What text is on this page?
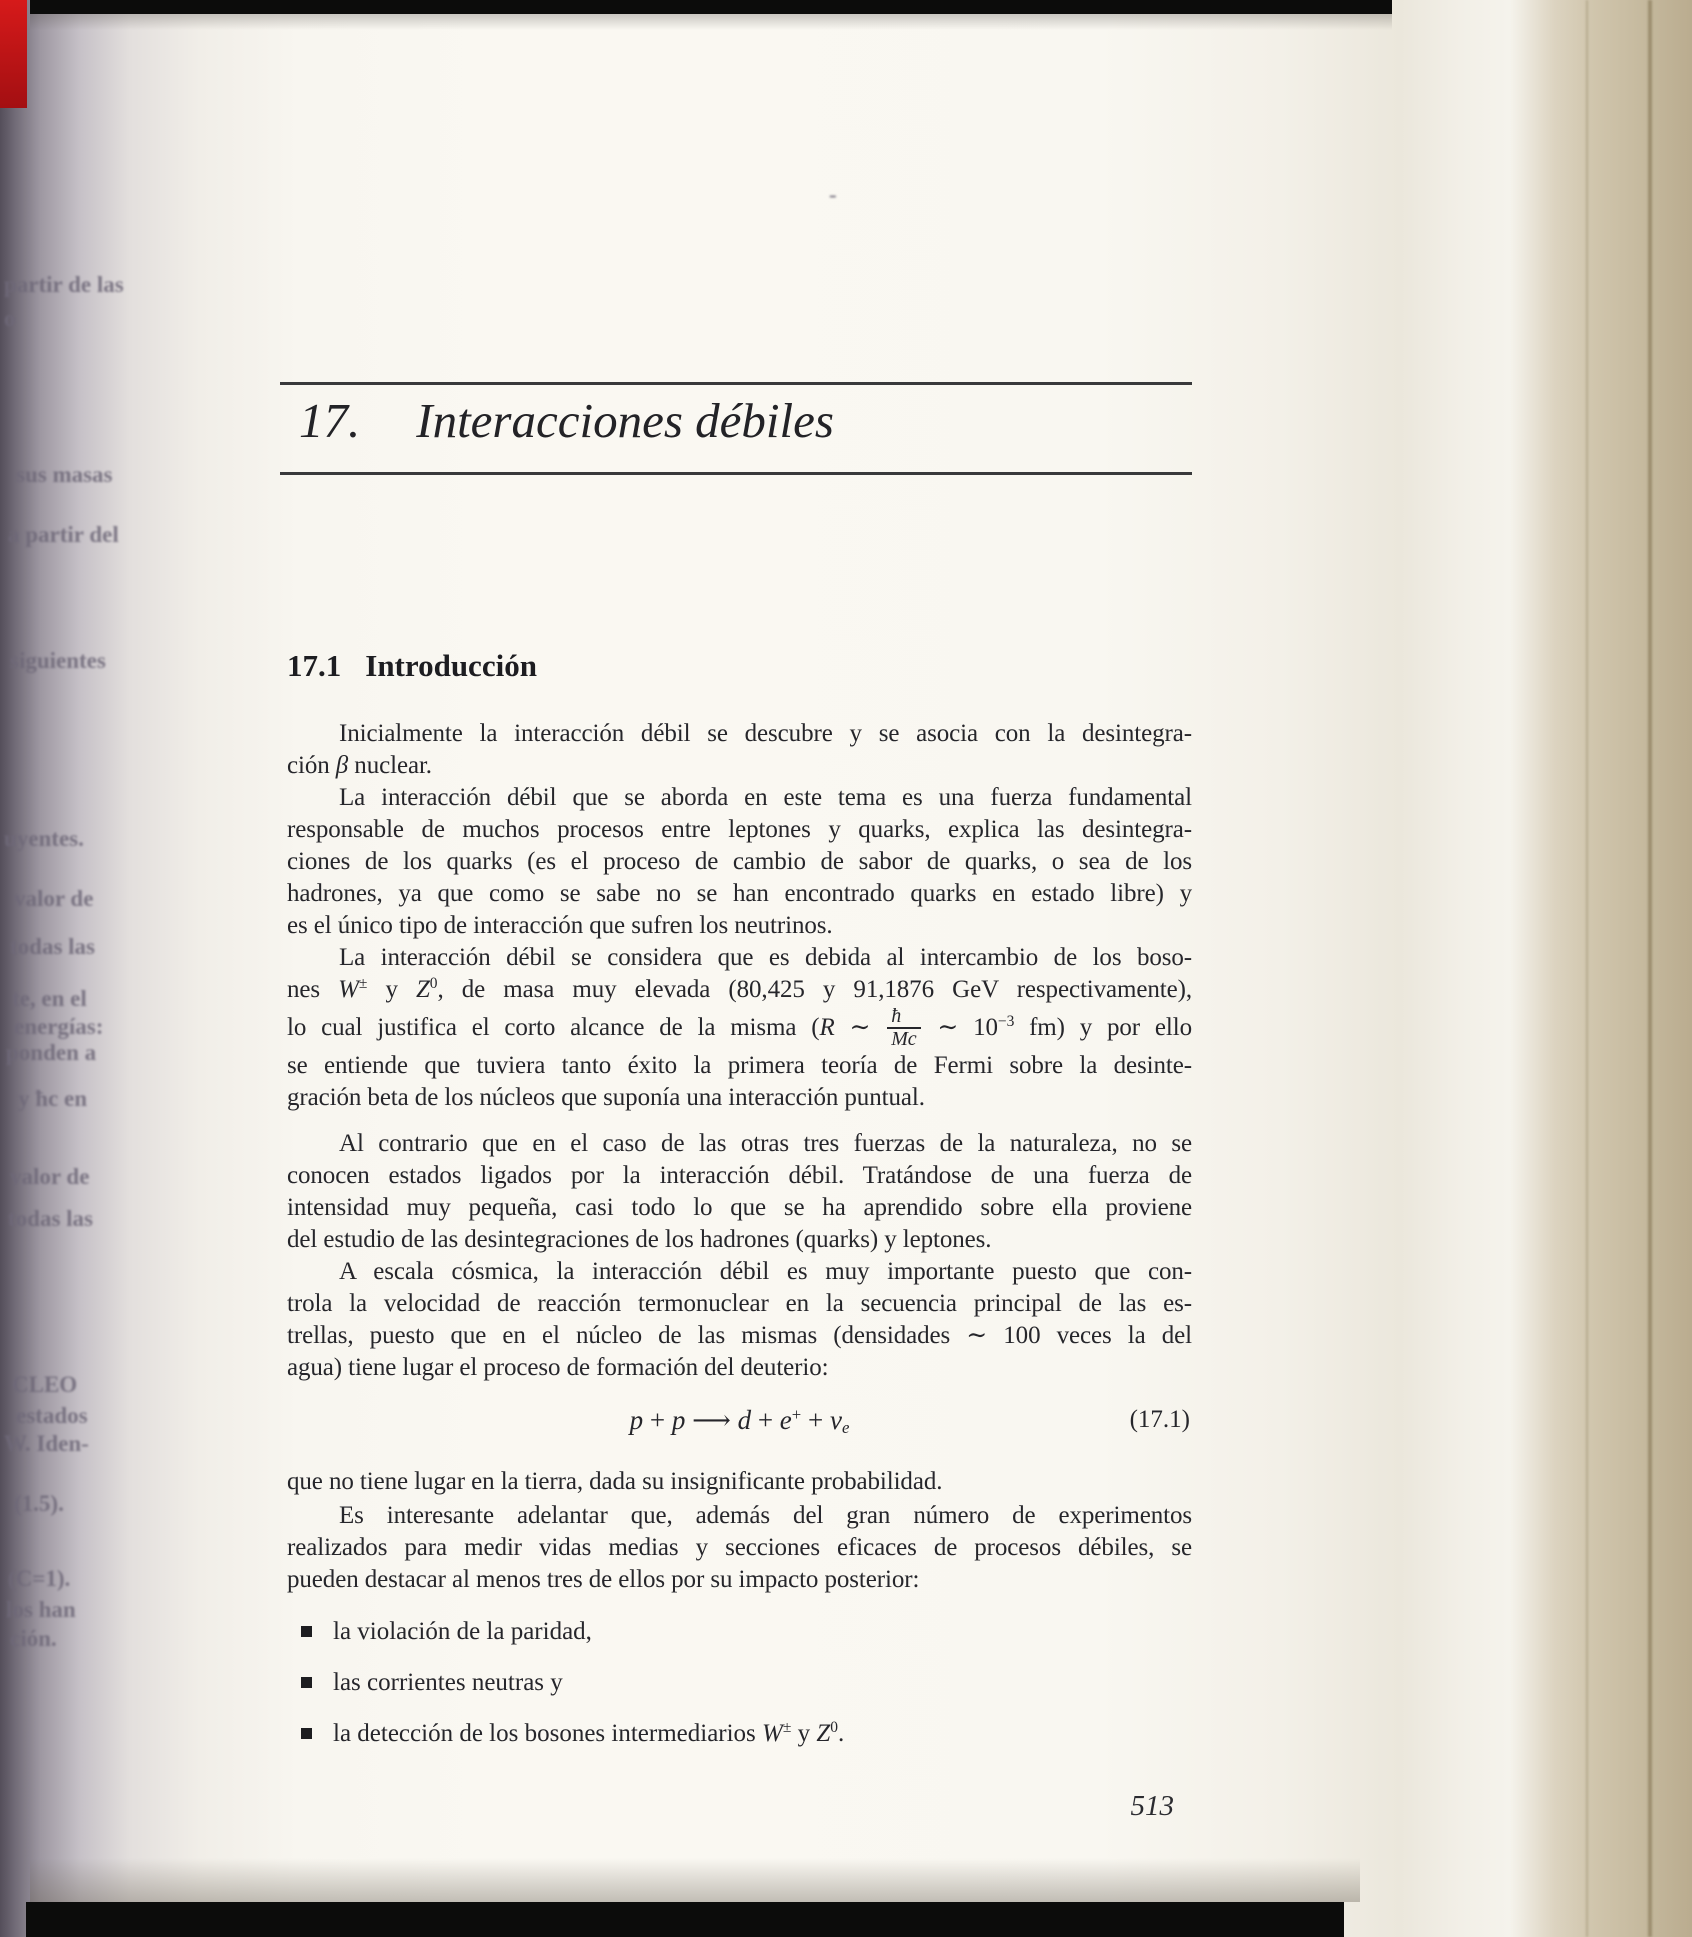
partir de las
o
sus masas
a partir del
siguientes
uyentes.
valor de
todas las
te, en el
energías:
ponden a
y ħc en
valor de
todas las
CLEO
estados
W. Iden-
(1.5).
(C=1).
los han
ción.
-
17. Interacciones débiles
17.1 Introducción
Inicialmente la interacción débil se descubre y se asocia con la desintegra-
ción β nuclear.
La interacción débil que se aborda en este tema es una fuerza fundamental
responsable de muchos procesos entre leptones y quarks, explica las desintegra-
ciones de los quarks (es el proceso de cambio de sabor de quarks, o sea de los
hadrones, ya que como se sabe no se han encontrado quarks en estado libre) y
es el único tipo de interacción que sufren los neutrinos.
La interacción débil se considera que es debida al intercambio de los boso-
nes W± y $Z^0$, de masa muy elevada (80,425 y 91,1876 GeV respectivamente),
lo cual justifica el corto alcance de la misma (R ∼ $\frac{ħ}{Mc}$ ∼ $10^{-3}$ fm) y por ello
se entiende que tuviera tanto éxito la primera teoría de Fermi sobre la desinte-
gración beta de los núcleos que suponía una interacción puntual.
Al contrario que en el caso de las otras tres fuerzas de la naturaleza, no se
conocen estados ligados por la interacción débil. Tratándose de una fuerza de
intensidad muy pequeña, casi todo lo que se ha aprendido sobre ella proviene
del estudio de las desintegraciones de los hadrones (quarks) y leptones.
A escala cósmica, la interacción débil es muy importante puesto que con-
trola la velocidad de reacción termonuclear en la secuencia principal de las es-
trellas, puesto que en el núcleo de las mismas (densidades ∼ 100 veces la del
agua) tiene lugar el proceso de formación del deuterio:
p + p ⟶ $d + e^+ + \nu_e$	(17.1)
que no tiene lugar en la tierra, dada su insignificante probabilidad.
Es interesante adelantar que, además del gran número de experimentos
realizados para medir vidas medias y secciones eficaces de procesos débiles, se
pueden destacar al menos tres de ellos por su impacto posterior:
la violación de la paridad,
las corrientes neutras y
la detección de los bosones intermediarios W± y $Z^0$.
513
